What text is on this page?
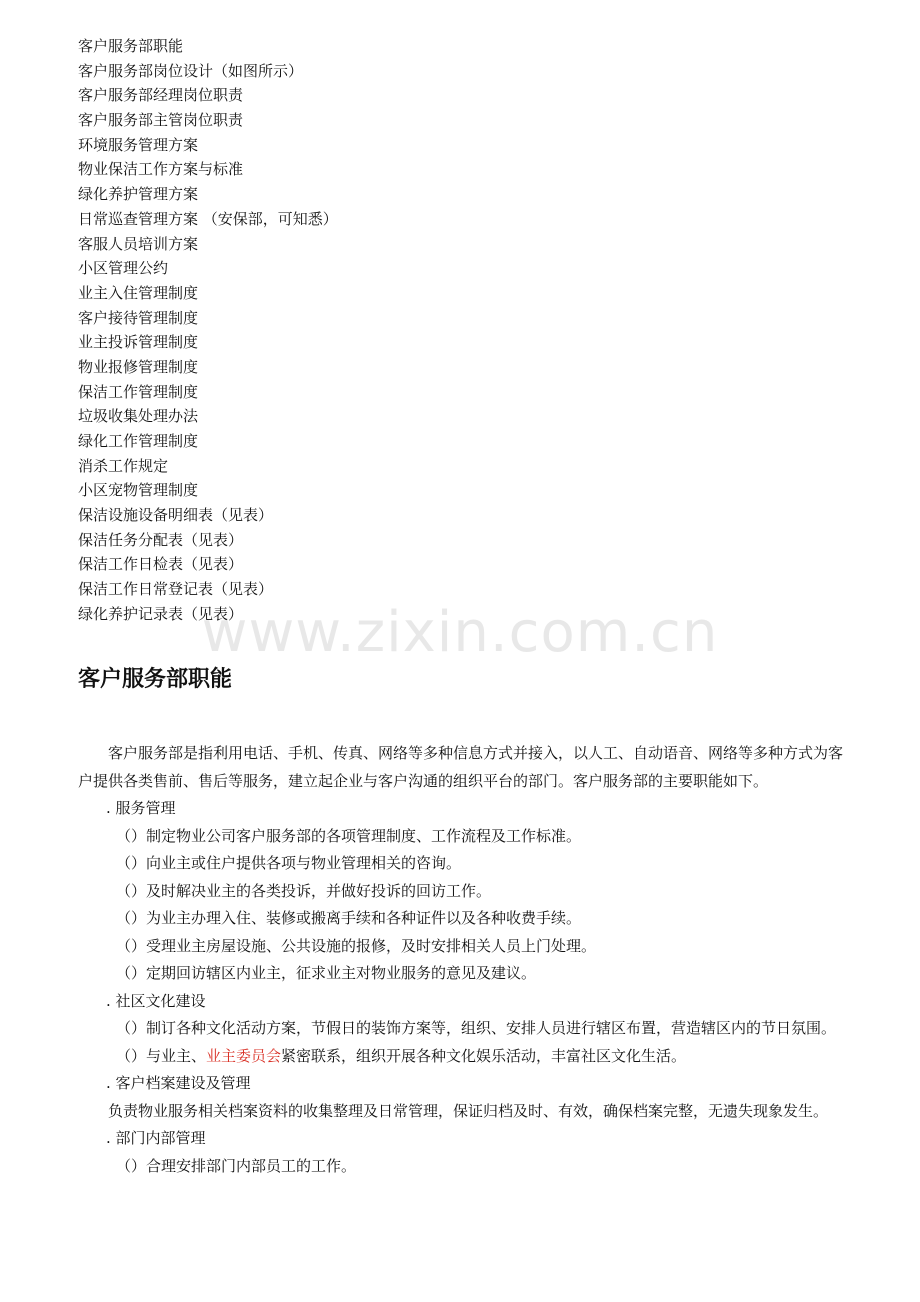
客户服务部职能
客户服务部岗位设计（如图所示）
客户服务部经理岗位职责
客户服务部主管岗位职责
环境服务管理方案
物业保洁工作方案与标准
绿化养护管理方案
日常巡查管理方案 （安保部，可知悉）
客服人员培训方案
小区管理公约
业主入住管理制度
客户接待管理制度
业主投诉管理制度
物业报修管理制度
保洁工作管理制度
垃圾收集处理办法
绿化工作管理制度
消杀工作规定
小区宠物管理制度
保洁设施设备明细表（见表）
保洁任务分配表（见表）
保洁工作日检表（见表）
保洁工作日常登记表（见表）
绿化养护记录表（见表）
www.zixin.com.cn
客户服务部职能

客户服务部是指利用电话、手机、传真、网络等多种信息方式并接入，以人工、自动语音、网络等多种方式为客户提供各类售前、售后等服务，建立起企业与客户沟通的组织平台的部门。客户服务部的主要职能如下。

. 服务管理

（）制定物业公司客户服务部的各项管理制度、工作流程及工作标准。

（）向业主或住户提供各项与物业管理相关的咨询。

（）及时解决业主的各类投诉，并做好投诉的回访工作。

（）为业主办理入住、装修或搬离手续和各种证件以及各种收费手续。

（）受理业主房屋设施、公共设施的报修，及时安排相关人员上门处理。

（）定期回访辖区内业主，征求业主对物业服务的意见及建议。

. 社区文化建设

（）制订各种文化活动方案，节假日的装饰方案等，组织、安排人员进行辖区布置，营造辖区内的节日氛围。

（）与业主、业主委员会紧密联系，组织开展各种文化娱乐活动，丰富社区文化生活。

. 客户档案建设及管理

负责物业服务相关档案资料的收集整理及日常管理，保证归档及时、有效，确保档案完整，无遗失现象发生。

. 部门内部管理

（）合理安排部门内部员工的工作。
